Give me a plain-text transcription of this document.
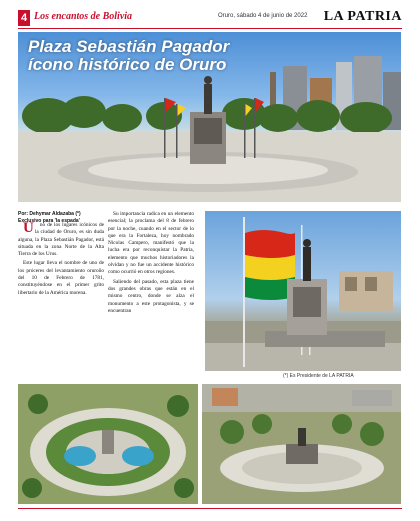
4 Los encantos de Bolivia	Oruro, sábado 4 de junio de 2022 LA PATRIA
Plaza Sebastián Pagador
ícono histórico de Oruro
Por: Dehymar Aldazaba (*)
Exclusivo para 'la espada'

U no de los lugares icónicos de la ciudad de Oruro, es sin duda alguna, la Plaza Sebastián Pagador, está situada en la zona Norte de la Alta Tierra de los Urus.

Este lugar lleva el nombre de uno de los próceres del levantamiento oruroño del 10 de Febrero de 1781, constituyéndose en el primer grito libertario de la América morena.

Su importancia radica en un elemento esencial; la proclama del 8 de febrero por la noche, cuando en el sector de lo que era la Fortaleza, hoy nombrado Nicolas Campero, manifestó que la lucha era por reconquistar la Patria, elemento que muchos historiadores la olvidan y no fue un accidente histórico como ocurrió en otros regiones.

Saliendo del pasado, esta plaza tiene dos grandes obras que están en el mismo centro, donde se alza el monumento a este protagonista, y se encuentran

(*) Es Presidente de LA PATRIA
